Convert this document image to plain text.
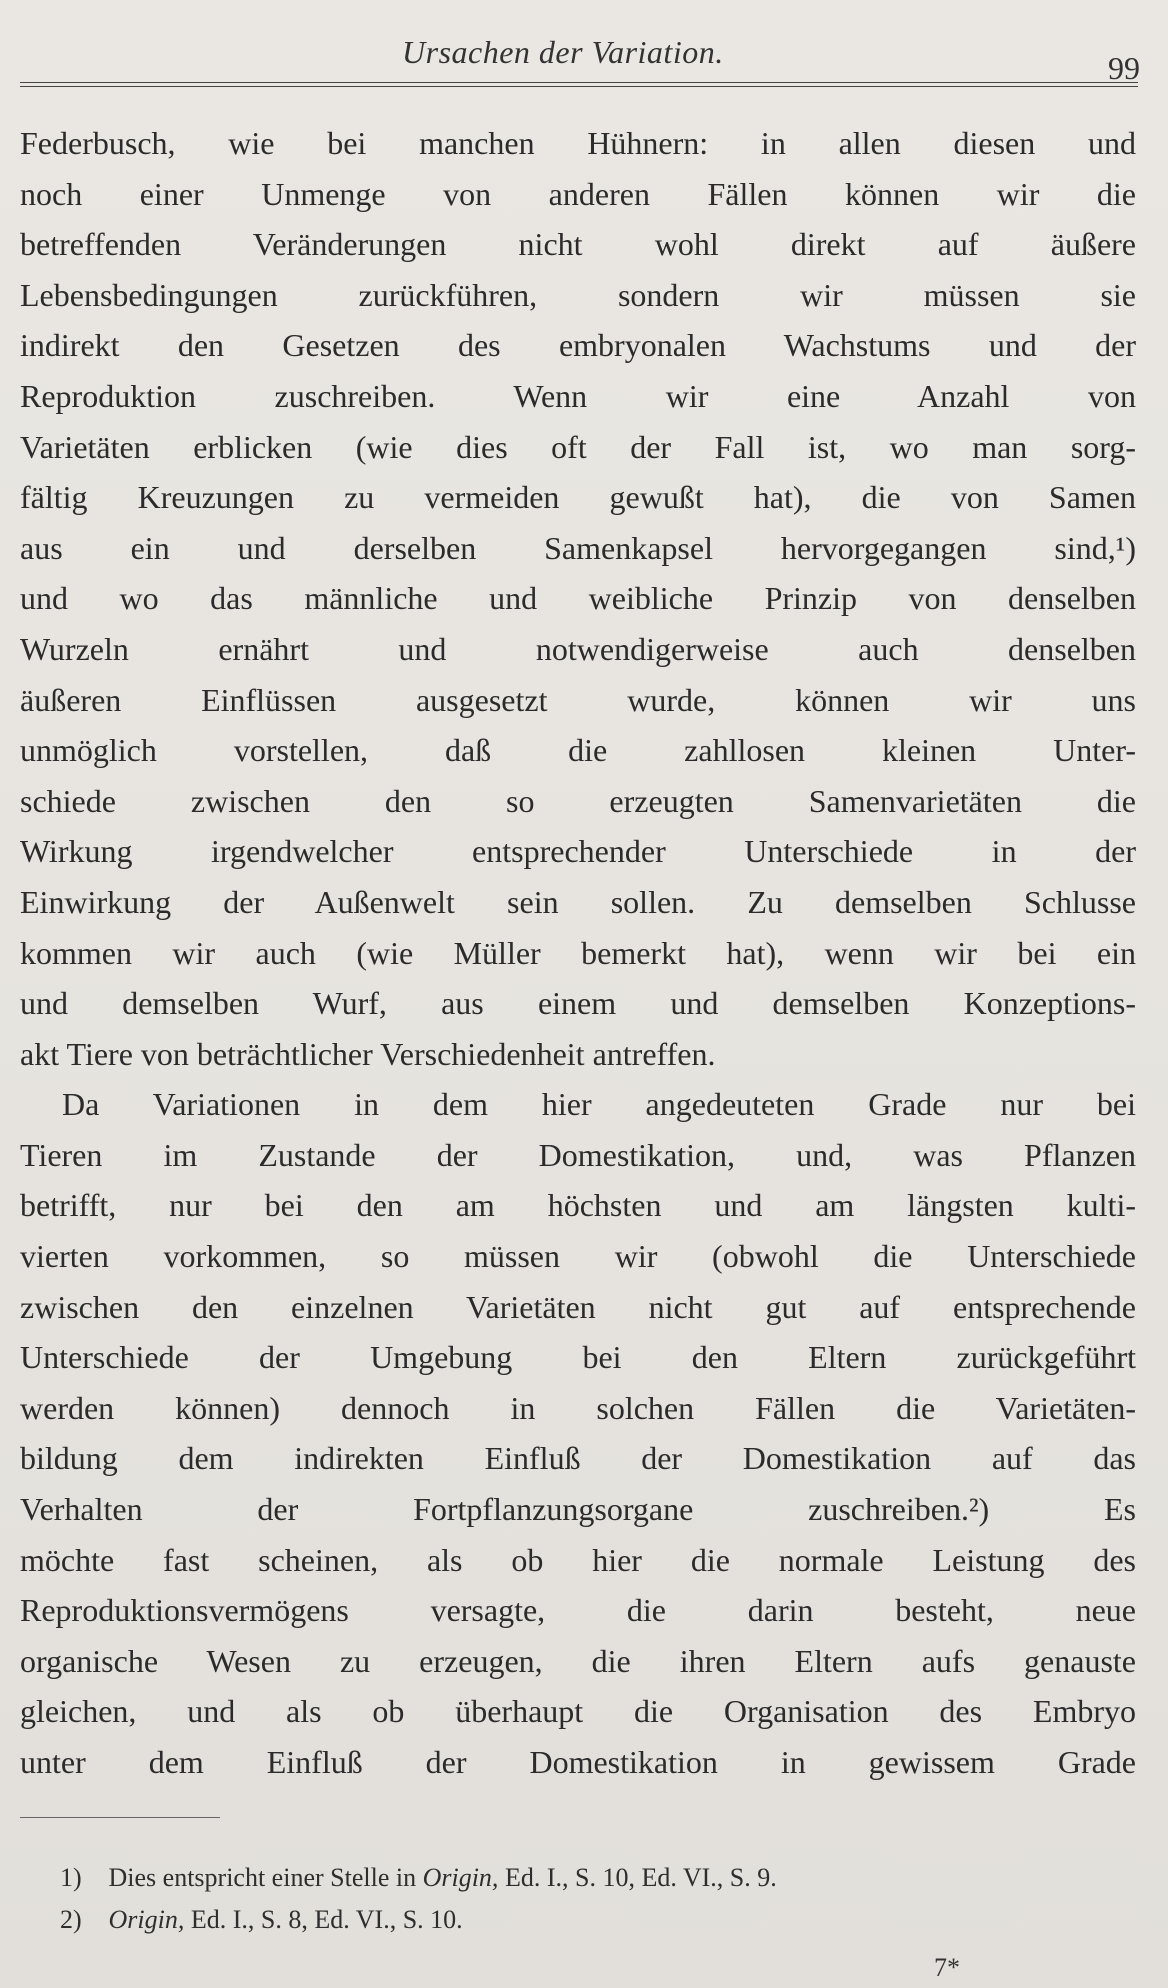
Ursachen der Variation.	99
Federbusch, wie bei manchen Hühnern: in allen diesen und
noch einer Unmenge von anderen Fällen können wir die
betreffenden Veränderungen nicht wohl direkt auf äußere
Lebensbedingungen zurückführen, sondern wir müssen sie
indirekt den Gesetzen des embryonalen Wachstums und der
Reproduktion zuschreiben. Wenn wir eine Anzahl von
Varietäten erblicken (wie dies oft der Fall ist, wo man sorg-
fältig Kreuzungen zu vermeiden gewußt hat), die von Samen
aus ein und derselben Samenkapsel hervorgegangen sind,¹)
und wo das männliche und weibliche Prinzip von denselben
Wurzeln ernährt und notwendigerweise auch denselben
äußeren Einflüssen ausgesetzt wurde, können wir uns
unmöglich vorstellen, daß die zahllosen kleinen Unter-
schiede zwischen den so erzeugten Samenvarietäten die
Wirkung irgendwelcher entsprechender Unterschiede in der
Einwirkung der Außenwelt sein sollen. Zu demselben Schlusse
kommen wir auch (wie Müller bemerkt hat), wenn wir bei ein
und demselben Wurf, aus einem und demselben Konzeptions-
akt Tiere von beträchtlicher Verschiedenheit antreffen.
Da Variationen in dem hier angedeuteten Grade nur bei
Tieren im Zustande der Domestikation, und, was Pflanzen
betrifft, nur bei den am höchsten und am längsten kulti-
vierten vorkommen, so müssen wir (obwohl die Unterschiede
zwischen den einzelnen Varietäten nicht gut auf entsprechende
Unterschiede der Umgebung bei den Eltern zurückgeführt
werden können) dennoch in solchen Fällen die Varietäten-
bildung dem indirekten Einfluß der Domestikation auf das
Verhalten der Fortpflanzungsorgane zuschreiben.²) Es
möchte fast scheinen, als ob hier die normale Leistung des
Reproduktionsvermögens versagte, die darin besteht, neue
organische Wesen zu erzeugen, die ihren Eltern aufs genauste
gleichen, und als ob überhaupt die Organisation des Embryo
unter dem Einfluß der Domestikation in gewissem Grade
1) Dies entspricht einer Stelle in Origin, Ed. I., S. 10, Ed. VI., S. 9.
2) Origin, Ed. I., S. 8, Ed. VI., S. 10.
7*
